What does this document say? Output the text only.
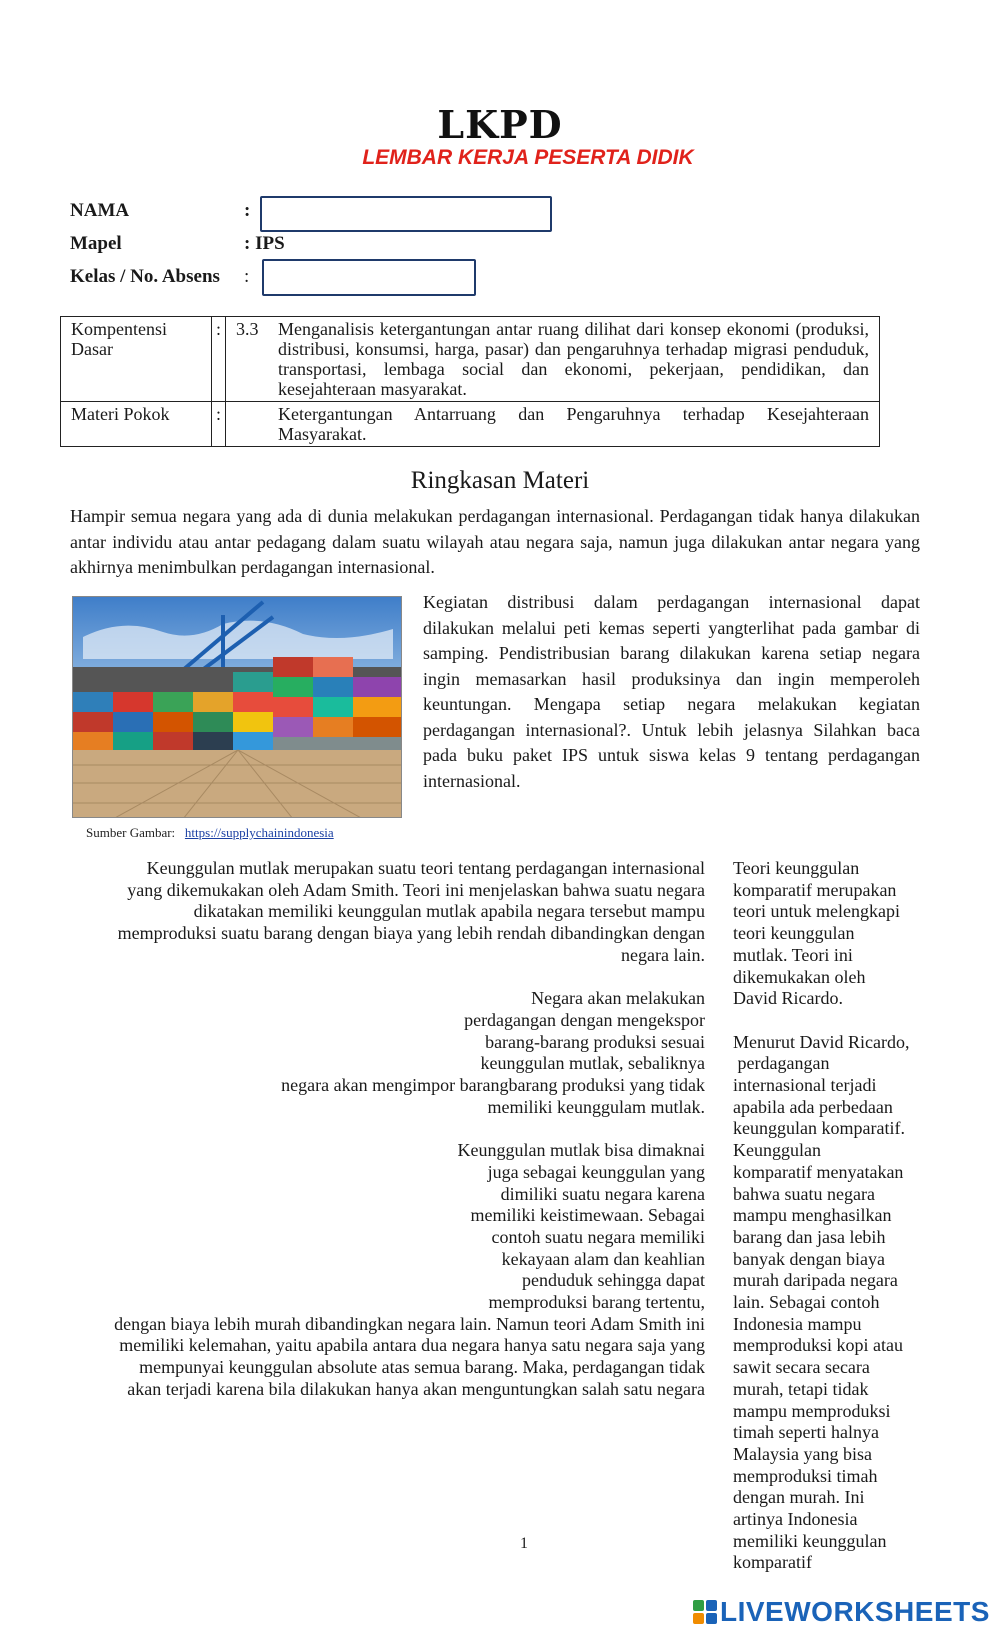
LKPD
LEMBAR KERJA PESERTA DIDIK
NAMA	:
Mapel	: IPS
Kelas / No. Absens :
Kompentensi Dasar	:	3.3 Menganalisis ketergantungan antar ruang dilihat dari konsep ekonomi (produksi, distribusi, konsumsi, harga, pasar) dan pengaruhnya terhadap migrasi penduduk, transportasi, lembaga social dan ekonomi, pekerjaan, pendidikan, dan kesejahteraan masyarakat.

Materi Pokok	:	Ketergantungan Antarruang dan Pengaruhnya terhadap Kesejahteraan Masyarakat.
Ringkasan Materi
Hampir semua negara yang ada di dunia melakukan perdagangan internasional. Perdagangan tidak hanya dilakukan antar individu atau antar pedagang dalam suatu wilayah atau negara saja, namun juga dilakukan antar negara yang akhirnya menimbulkan perdagangan internasional.
Kegiatan distribusi dalam perdagangan internasional dapat dilakukan melalui peti kemas seperti yangterlihat pada gambar di samping. Pendistribusian barang dilakukan karena setiap negara ingin memasarkan hasil produksinya dan ingin memperoleh keuntungan. Mengapa setiap negara melakukan kegiatan perdagangan internasional?. Untuk lebih jelasnya Silahkan baca pada buku paket IPS untuk siswa kelas 9 tentang perdagangan internasional.
Sumber Gambar: https://supplychainindonesia
Keunggulan mutlak merupakan suatu teori tentang perdagangan internasional
yang dikemukakan oleh Adam Smith. Teori ini menjelaskan bahwa suatu negara
dikatakan memiliki keunggulan mutlak apabila negara tersebut mampu
memproduksi suatu barang dengan biaya yang lebih rendah dibandingkan dengan
negara lain.
Negara akan melakukan
perdagangan dengan mengekspor
barang-barang produksi sesuai
keunggulan mutlak, sebaliknya
negara akan mengimpor barangbarang produksi yang tidak
memiliki keunggulam mutlak.
Keunggulan mutlak bisa dimaknai
juga sebagai keunggulan yang
dimiliki suatu negara karena
memiliki keistimewaan. Sebagai
contoh suatu negara memiliki
kekayaan alam dan keahlian
penduduk sehingga dapat
memproduksi barang tertentu,
dengan biaya lebih murah dibandingkan negara lain. Namun teori Adam Smith ini
memiliki kelemahan, yaitu apabila antara dua negara hanya satu negara saja yang
mempunyai keunggulan absolute atas semua barang. Maka, perdagangan tidak
akan terjadi karena bila dilakukan hanya akan menguntungkan salah satu negara
Teori keunggulan
komparatif merupakan
teori untuk melengkapi
teori keunggulan
mutlak. Teori ini
dikemukakan oleh
David Ricardo.
Menurut David Ricardo,
perdagangan
internasional terjadi
apabila ada perbedaan
keunggulan komparatif.
Keunggulan
komparatif menyatakan
bahwa suatu negara
mampu menghasilkan
barang dan jasa lebih
banyak dengan biaya
murah daripada negara
lain. Sebagai contoh
Indonesia mampu
memproduksi kopi atau
sawit secara secara
murah, tetapi tidak
mampu memproduksi
timah seperti halnya
Malaysia yang bisa
memproduksi timah
dengan murah. Ini
artinya Indonesia
memiliki keunggulan
komparatif
1
LIVEWORKSHEETS
